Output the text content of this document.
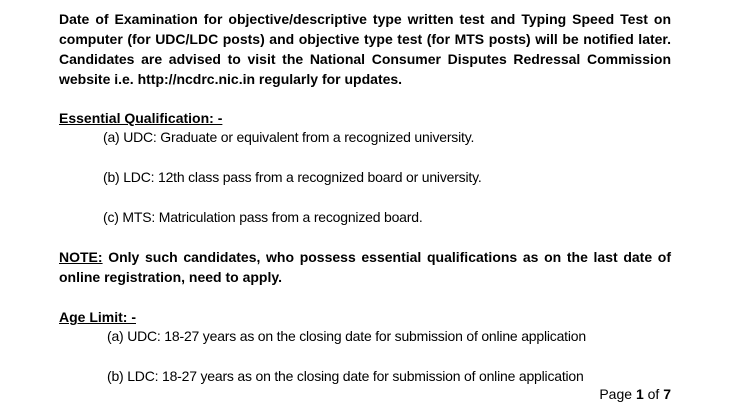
Date of Examination for objective/descriptive type written test and Typing Speed Test on computer (for UDC/LDC posts) and objective type test (for MTS posts) will be notified later. Candidates are advised to visit the National Consumer Disputes Redressal Commission website i.e. http://ncdrc.nic.in regularly for updates.
Essential Qualification: -
(a) UDC: Graduate or equivalent from a recognized university.
(b) LDC: 12th class pass from a recognized board or university.
(c) MTS: Matriculation pass from a recognized board.
NOTE: Only such candidates, who possess essential qualifications as on the last date of online registration, need to apply.
Age Limit: -
(a) UDC: 18-27 years as on the closing date for submission of online application
(b) LDC: 18-27 years as on the closing date for submission of online application
Page 1 of 7
